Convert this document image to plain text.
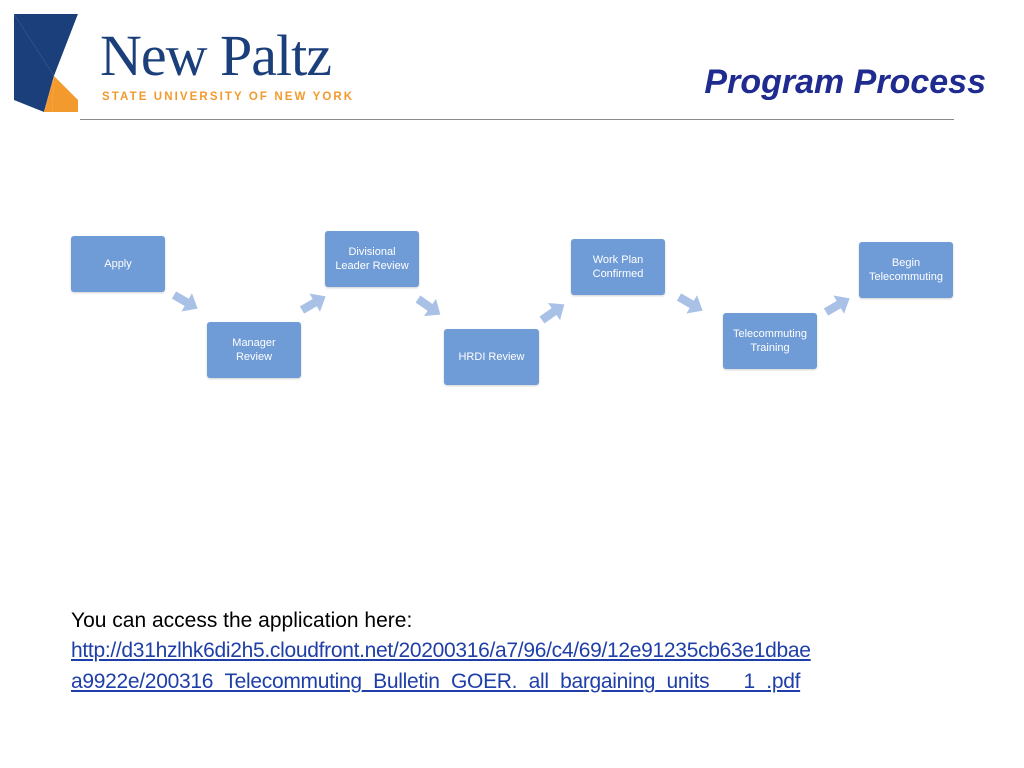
New Paltz
STATE UNIVERSITY OF NEW YORK	Program Process
Apply
Manager
Review
Divisional
Leader Review
HRDI Review
Work Plan
Confirmed
Telecommuting
Training
Begin
Telecommuting
You can access the application here:
http://d31hzlhk6di2h5.cloudfront.net/20200316/a7/96/c4/69/12e91235cb63e1dbae
a9922e/200316_Telecommuting_Bulletin_GOER._all_bargaining_units___1_.pdf
